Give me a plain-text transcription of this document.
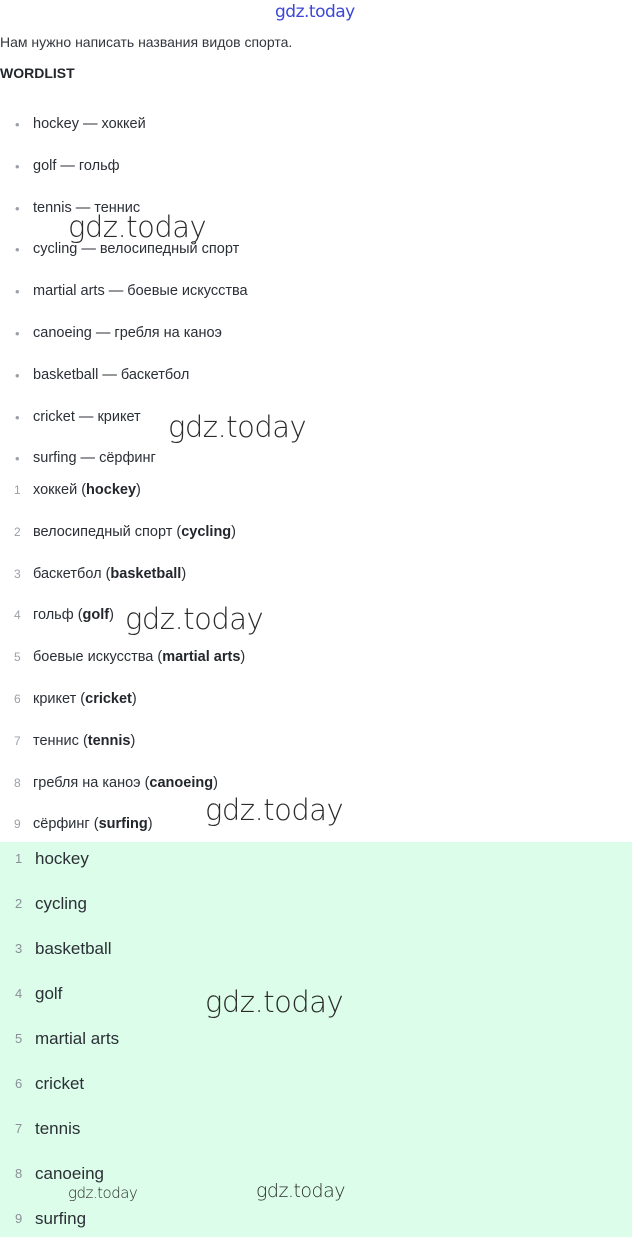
gdz.today
Нам нужно написать названия видов спорта.
WORDLIST
• hockey — хоккей
• golf — гольф
• tennis — теннис
• cycling — велосипедный спорт
• martial arts — боевые искусства
• canoeing — гребля на каноэ
• basketball — баскетбол
• cricket — крикет
• surfing — сёрфинг
1 хоккей (hockey)
2 велосипедный спорт (cycling)
3 баскетбол (basketball)
4 гольф (golf)
5 боевые искусства (martial arts)
6 крикет (cricket)
7 теннис (tennis)
8 гребля на каноэ (canoeing)
9 сёрфинг (surfing)
1 hockey
2 cycling
3 basketball
4 golf
5 martial arts
6 cricket
7 tennis
8 canoeing
9 surfing
gdz.today
gdz.today
gdz.today
gdz.today
gdz.today
gdz.today	gdz.today
